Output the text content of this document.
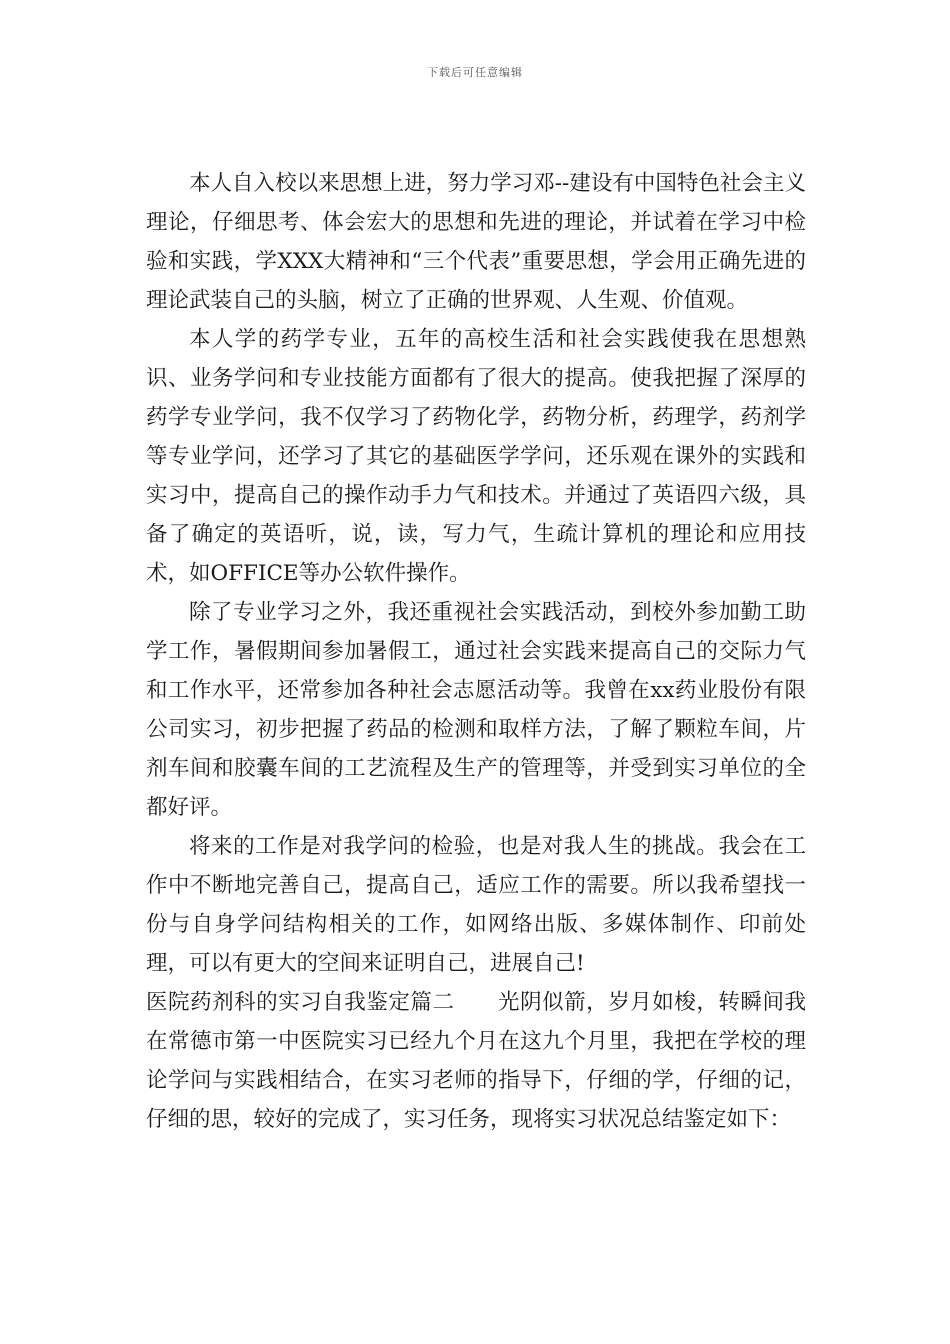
下载后可任意编辑

本人自入校以来思想上进，努力学习邓--建设有中国特色社会主义理论，仔细思考、体会宏大的思想和先进的理论，并试着在学习中检验和实践，学XXX大精神和“三个代表”重要思想，学会用正确先进的理论武装自己的头脑，树立了正确的世界观、人生观、价值观。

本人学的药学专业，五年的高校生活和社会实践使我在思想熟识、业务学问和专业技能方面都有了很大的提高。使我把握了深厚的药学专业学问，我不仅学习了药物化学，药物分析，药理学，药剂学等专业学问，还学习了其它的基础医学学问，还乐观在课外的实践和实习中，提高自己的操作动手力气和技术。并通过了英语四六级，具备了确定的英语听，说，读，写力气，生疏计算机的理论和应用技术，如OFFICE等办公软件操作。

除了专业学习之外，我还重视社会实践活动，到校外参加勤工助学工作，暑假期间参加暑假工，通过社会实践来提高自己的交际力气和工作水平，还常参加各种社会志愿活动等。我曾在xx药业股份有限公司实习，初步把握了药品的检测和取样方法，了解了颗粒车间，片剂车间和胶囊车间的工艺流程及生产的管理等，并受到实习单位的全都好评。

将来的工作是对我学问的检验，也是对我人生的挑战。我会在工作中不断地完善自己，提高自己，适应工作的需要。所以我希望找一份与自身学问结构相关的工作，如网络出版、多媒体制作、印前处理，可以有更大的空间来证明自己，进展自己!

医院药剂科的实习自我鉴定篇二 光阴似箭，岁月如梭，转瞬间我在常德市第一中医院实习已经九个月在这九个月里，我把在学校的理论学问与实践相结合，在实习老师的指导下，仔细的学，仔细的记，仔细的思，较好的完成了，实习任务，现将实习状况总结鉴定如下：
